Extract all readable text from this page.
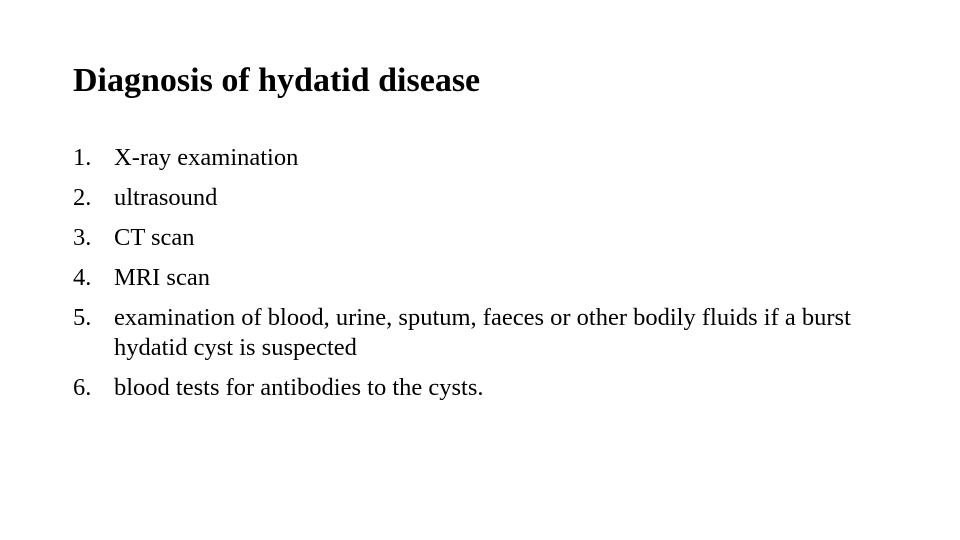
Diagnosis of hydatid disease
1. X-ray examination
2. ultrasound
3. CT scan
4. MRI scan
5. examination of blood, urine, sputum, faeces or other bodily fluids if a burst hydatid cyst is suspected
6. blood tests for antibodies to the cysts.
